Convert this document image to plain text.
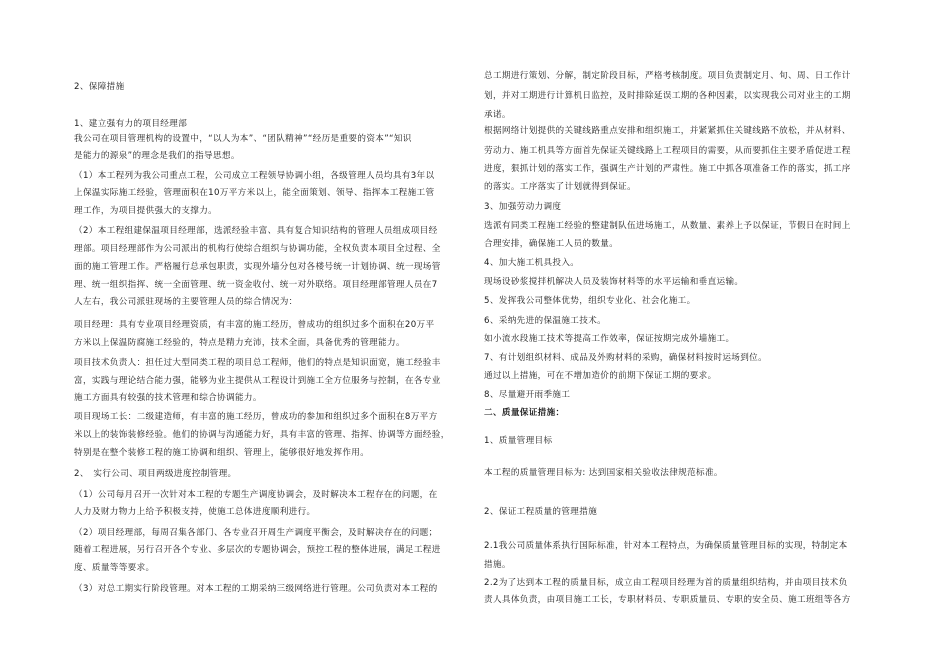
2、保障措施
1、建立强有力的项目经理部
我公司在项目管理机构的设置中，“以人为本”、“团队精神”“经历是重要的资本”“知识
是能力的源泉”的理念是我们的指导思想。
（1）本工程列为我公司重点工程，公司成立工程领导协调小组，各级管理人员均具有3年以
上保温实际施工经验，管理面积在10万平方米以上，能全面策划、领导、指挥本工程施工管
理工作，为项目提供强大的支撑力。
（2）本工程组建保温项目经理部，选派经验丰富、具有复合知识结构的管理人员组成项目经
理部。项目经理部作为公司派出的机构行使综合组织与协调功能，全权负责本项目全过程、全
面的施工管理工作。严格履行总承包职责，实现外墙分包对各楼号统一计划协调、统一现场管
理、统一组织指挥、统一全面管理、统一资金收付、统一对外联络。项目经理部管理人员在7
人左右，我公司派驻现场的主要管理人员的综合情况为：
项目经理：具有专业项目经理资质，有丰富的施工经历，曾成功的组织过多个面积在20万平
方米以上保温防腐施工经验的，特点是精力充沛，技术全面，具备优秀的管理能力。
项目技术负责人：担任过大型同类工程的项目总工程师，他们的特点是知识面宽，施工经验丰
富，实践与理论结合能力强，能够为业主提供从工程设计到施工全方位服务与控制，在各专业
施工方面具有较强的技术管理和综合协调能力。
项目现场工长：二级建造师，有丰富的施工经历，曾成功的参加和组织过多个面积在8万平方
米以上的装饰装修经验。他们的协调与沟通能力好，具有丰富的管理、指挥、协调等方面经验，
特别是在整个装修工程的施工协调和组织、管理上，能够很好地发挥作用。
2、　实行公司、项目两级进度控制管理。
（1）公司每月召开一次针对本工程的专题生产调度协调会，及时解决本工程存在的问题，在
人力及财力物力上给予积极支持，使施工总体进度顺利进行。
（2）项目经理部，每周召集各部门、各专业召开周生产调度平衡会，及时解决存在的问题；
随着工程进展，另行召开各个专业、多层次的专题协调会，预控工程的整体进展，满足工程进
度、质量等等要求。
（3）对总工期实行阶段管理。对本工程的工期采纳三级网络进行管理。公司负责对本工程的
总工期进行策划、分解，制定阶段目标，严格考核制度。项目负责制定月、旬、周、日工作计
划，并对工期进行计算机日监控，及时排除延误工期的各种因素，以实现我公司对业主的工期
承诺。
根据网络计划提供的关键线路重点安排和组织施工，并紧紧抓住关键线路不放松，并从材料、
劳动力、施工机具等方面首先保证关键线路上工程项目的需要，从而要抓住主要矛盾促进工程
进度，狠抓计划的落实工作，强调生产计划的严肃性。施工中抓各项准备工作的落实，抓工序
的落实。工序落实了计划就得到保证。
3、加强劳动力调度
选派有同类工程施工经验的整建制队伍进场施工，从数量、素养上予以保证，节假日在时间上
合理安排，确保施工人员的数量。
4、加大施工机具投入。
现场设砂浆搅拌机解决人员及装饰材料等的水平运输和垂直运输。
5、发挥我公司整体优势，组织专业化、社会化施工。
6、采纳先进的保温施工技术。
如小流水段施工技术等提高工作效率，保证按期完成外墙施工。
7、有计划组织材料、成品及外购材料的采购，确保材料按时运场到位。
通过以上措施，可在不增加造价的前期下保证工期的要求。
8、尽量避开雨季施工
二、质量保证措施：
1、质量管理目标
本工程的质量管理目标为: 达到国家相关验收法律规范标准。
2、保证工程质量的管理措施
2.1我公司质量体系执行国际标准，针对本工程特点，为确保质量管理目标的实现，特制定本
措施。
2.2为了达到本工程的质量目标，成立由工程项目经理为首的质量组织结构，并由项目技术负
责人具体负责，由项目施工工长，专职材料员、专职质量员、专职的安全员、施工班组等各方
